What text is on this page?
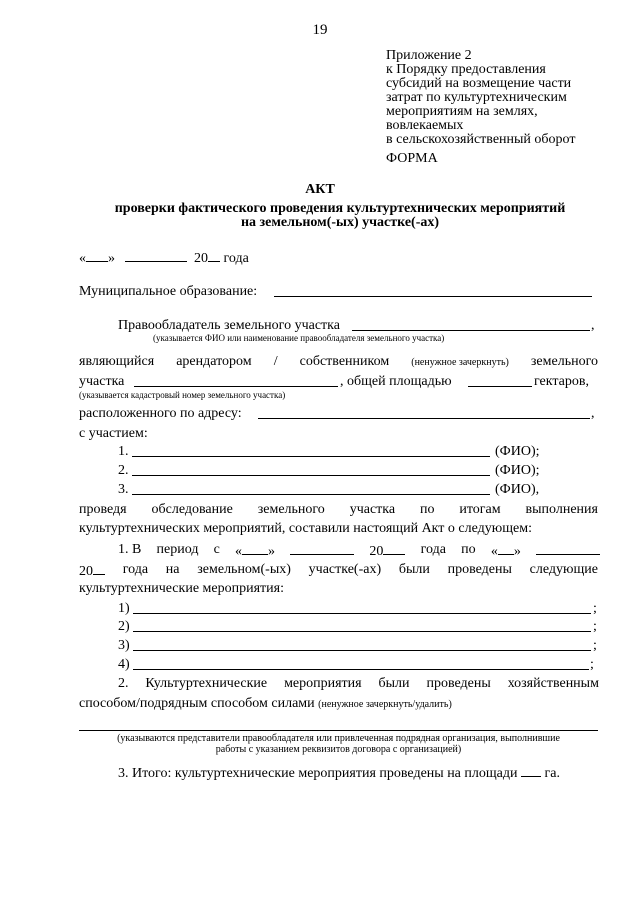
19
Приложение 2
к Порядку предоставления
субсидий на возмещение части
затрат по культуртехническим
мероприятиям на землях,
вовлекаемых
в сельскохозяйственный оборот
ФОРМА
АКТ
проверки фактического проведения культуртехнических мероприятий
на земельном(-ых) участке(-ах)
« »	20 года
Муниципальное образование:
Правообладатель земельного участка	,
(указывается ФИО или наименование правообладателя земельного участка)
являющийся арендатором / собственником (ненужное зачеркнуть) земельного
участка	, общей площадью	гектаров,
(указывается кадастровый номер земельного участка)
расположенного по адресу:	,
с участием:
1.	(ФИО);
2.	(ФИО);
3.	(ФИО),
проведя обследование земельного участка по итогам выполнения
культуртехнических мероприятий, составили настоящий Акт о следующем:
1. В период с « »	20	года по « »
20	года на земельном(-ых) участке(-ах) были проведены следующие
культуртехнические мероприятия:
1)	;
2)	;
3)	;
4)	;
2. Культуртехнические мероприятия были проведены хозяйственным
способом/подрядным способом силами (ненужное зачеркнуть/удалить)
(указываются представители правообладателя или привлеченная подрядная организация, выполнившие
работы с указанием реквизитов договора с организацией)
3. Итого: культуртехнические мероприятия проведены на площади га.
